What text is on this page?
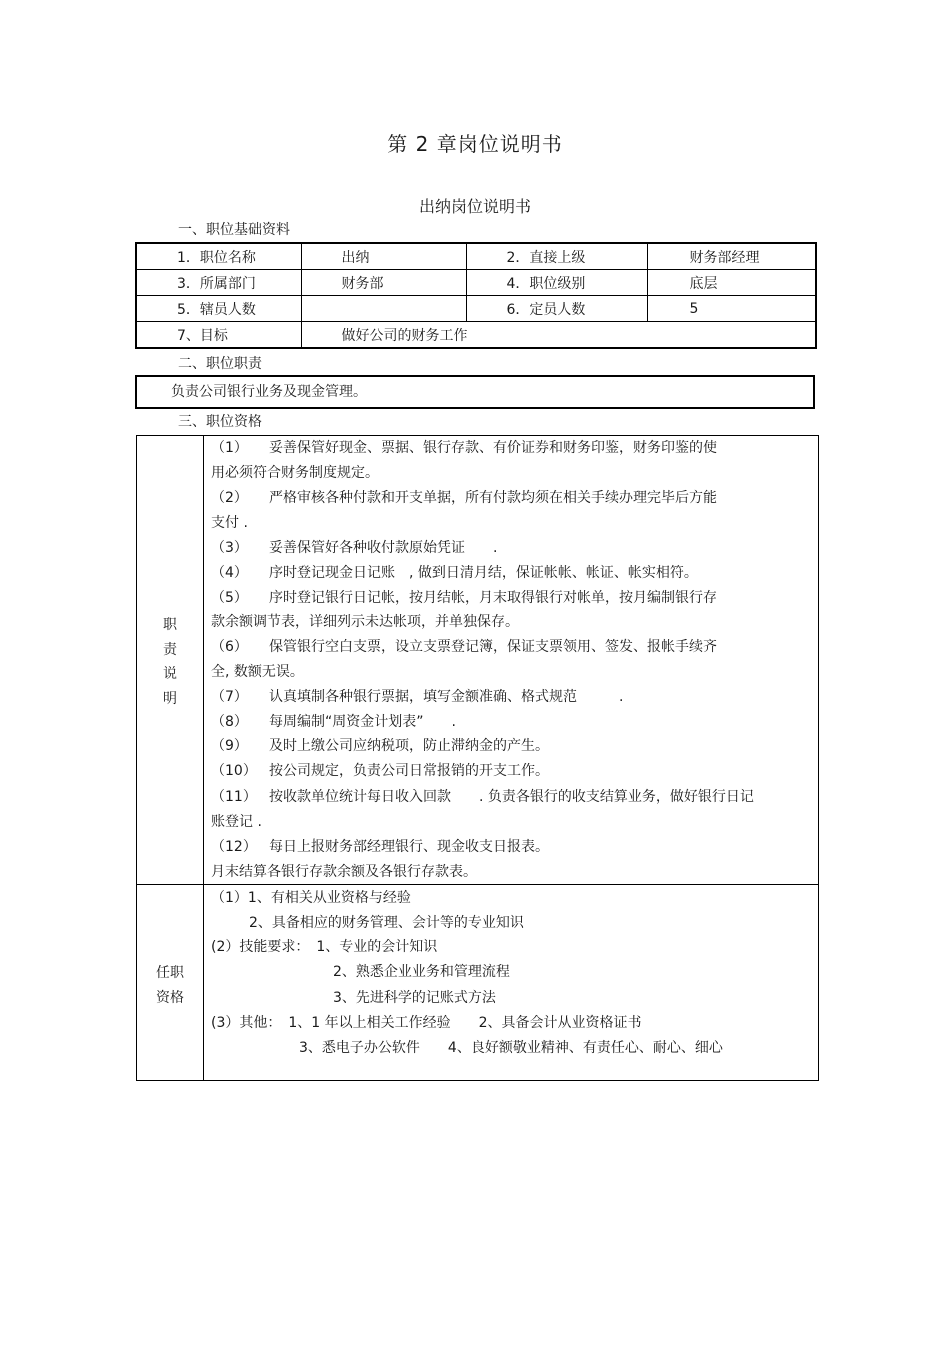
第 2 章岗位说明书
出纳岗位说明书
一、职位基础资料
1．职位名称	出纳	2．直接上级	财务部经理
3．所属部门	财务部	4．职位级别	底层
5．辖员人数		6．定员人数	5
7、目标	做好公司的财务工作		
二、职位职责
负责公司银行业务及现金管理。
三、职位资格
职
责
说
明
（1） 妥善保管好现金、票据、银行存款、有价证券和财务印鉴，财务印鉴的使
用必须符合财务制度规定。
（2） 严格审核各种付款和开支单据，所有付款均须在相关手续办理完毕后方能
支付 .
（3） 妥善保管好各种收付款原始凭证　　.
（4） 序时登记现金日记账　, 做到日清月结，保证帐帐、帐证、帐实相符。
（5） 序时登记银行日记帐，按月结帐，月末取得银行对帐单，按月编制银行存
款余额调节表，详细列示未达帐项，并单独保存。
（6） 保管银行空白支票，设立支票登记簿，保证支票领用、签发、报帐手续齐
全, 数额无误。
（7） 认真填制各种银行票据，填写金额准确、格式规范　　　.
（8） 每周编制“周资金计划表”　　.
（9） 及时上缴公司应纳税项，防止滞纳金的产生。
（10） 按公司规定，负责公司日常报销的开支工作。
（11） 按收款单位统计每日收入回款　　. 负责各银行的收支结算业务，做好银行日记
账登记 .
（12） 每日上报财务部经理银行、现金收支日报表。
月末结算各银行存款余额及各银行存款表。
任职
资格
（1）1、有相关从业资格与经验
2、具备相应的财务管理、会计等的专业知识
(2）技能要求：　1、专业的会计知识
2、熟悉企业业务和管理流程
3、先进科学的记账式方法
(3）其他：　1、1 年以上相关工作经验　　2、具备会计从业资格证书
3、悉电子办公软件　　4、良好额敬业精神、有责任心、耐心、细心
